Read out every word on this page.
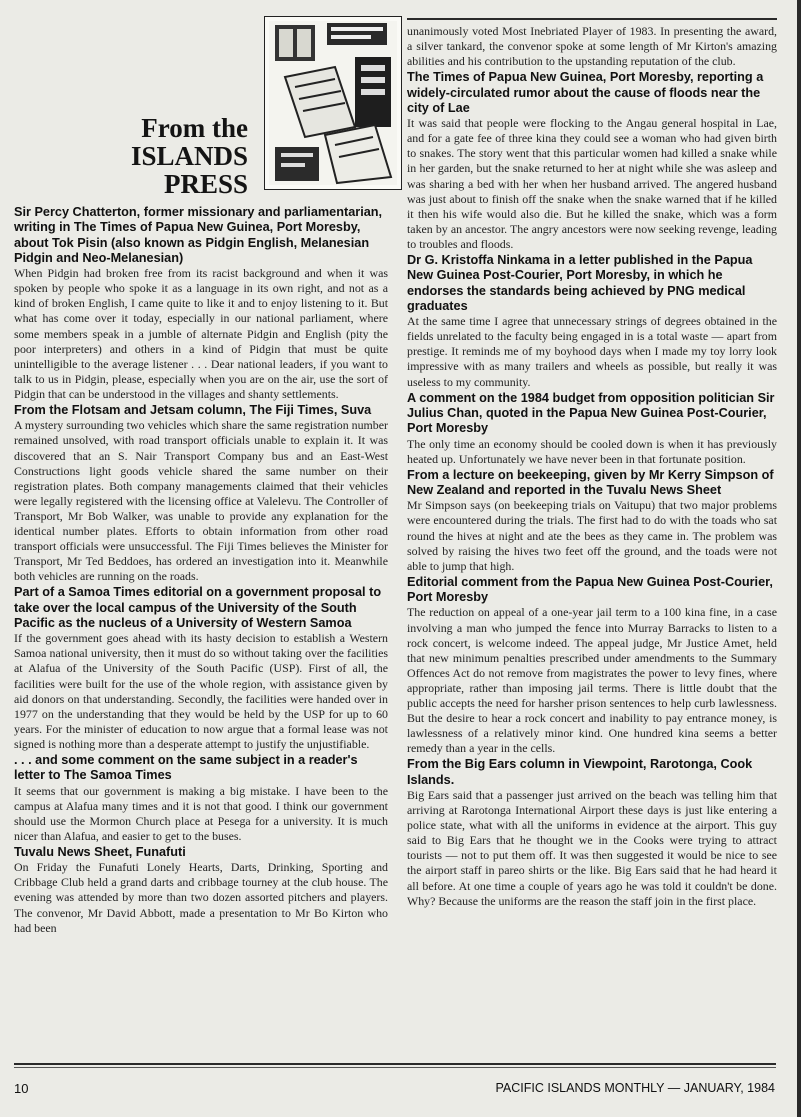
From the
ISLANDS
PRESS

Sir Percy Chatterton, former missionary and parliamentarian, writing in The Times of Papua New Guinea, Port Moresby, about Tok Pisin (also known as Pidgin English, Melanesian Pidgin and Neo-Melanesian)

When Pidgin had broken free from its racist background and when it was spoken by people who spoke it as a language in its own right, and not as a kind of broken English, I came quite to like it and to enjoy listening to it. But what has come over it today, especially in our national parliament, where some members speak in a jumble of alternate Pidgin and English (pity the poor interpreters) and others in a kind of Pidgin that must be quite unintelligible to the average listener . . . Dear national leaders, if you want to talk to us in Pidgin, please, especially when you are on the air, use the sort of Pidgin that can be understood in the villages and shanty settlements.

From the Flotsam and Jetsam column, The Fiji Times, Suva

A mystery surrounding two vehicles which share the same registration number remained unsolved, with road transport officials unable to explain it. It was discovered that an S. Nair Transport Company bus and an East-West Constructions light goods vehicle shared the same number on their registration plates. Both company managements claimed that their vehicles were legally registered with the licensing office at Valelevu. The Controller of Transport, Mr Bob Walker, was unable to provide any explanation for the identical number plates. Efforts to obtain information from other road transport officials were unsuccessful. The Fiji Times believes the Minister for Transport, Mr Ted Beddoes, has ordered an investigation into it. Meanwhile both vehicles are running on the roads.

Part of a Samoa Times editorial on a government proposal to take over the local campus of the University of the South Pacific as the nucleus of a University of Western Samoa

If the government goes ahead with its hasty decision to establish a Western Samoa national university, then it must do so without taking over the facilities at Alafua of the University of the South Pacific (USP). First of all, the facilities were built for the use of the whole region, with assistance given by aid donors on that understanding. Secondly, the facilities were handed over in 1977 on the understanding that they would be held by the USP for up to 60 years. For the minister of education to now argue that a formal lease was not signed is nothing more than a desperate attempt to justify the unjustifiable.

. . . and some comment on the same subject in a reader's letter to The Samoa Times

It seems that our government is making a big mistake. I have been to the campus at Alafua many times and it is not that good. I think our government should use the Mormon Church place at Pesega for a university. It is much nicer than Alafua, and easier to get to the buses.

Tuvalu News Sheet, Funafuti

On Friday the Funafuti Lonely Hearts, Darts, Drinking, Sporting and Cribbage Club held a grand darts and cribbage tourney at the club house. The evening was attended by more than two dozen assorted pitchers and players. The convenor, Mr David Abbott, made a presentation to Mr Bo Kirton who had been

unanimously voted Most Inebriated Player of 1983. In presenting the award, a silver tankard, the convenor spoke at some length of Mr Kirton's amazing abilities and his contribution to the upstanding reputation of the club.

The Times of Papua New Guinea, Port Moresby, reporting a widely-circulated rumor about the cause of floods near the city of Lae

It was said that people were flocking to the Angau general hospital in Lae, and for a gate fee of three kina they could see a woman who had given birth to snakes. The story went that this particular women had killed a snake while in her garden, but the snake returned to her at night while she was asleep and was sharing a bed with her when her husband arrived. The angered husband was just about to finish off the snake when the snake warned that if he killed it then his wife would also die. But he killed the snake, which was a form taken by an ancestor. The angry ancestors were now seeking revenge, leading to troubles and floods.

Dr G. Kristoffa Ninkama in a letter published in the Papua New Guinea Post-Courier, Port Moresby, in which he endorses the standards being achieved by PNG medical graduates

At the same time I agree that unnecessary strings of degrees obtained in the fields unrelated to the faculty being engaged in is a total waste — apart from prestige. It reminds me of my boyhood days when I made my toy lorry look impressive with as many trailers and wheels as possible, but really it was useless to my community.

A comment on the 1984 budget from opposition politician Sir Julius Chan, quoted in the Papua New Guinea Post-Courier, Port Moresby

The only time an economy should be cooled down is when it has previously heated up. Unfortunately we have never been in that fortunate position.

From a lecture on beekeeping, given by Mr Kerry Simpson of New Zealand and reported in the Tuvalu News Sheet

Mr Simpson says (on beekeeping trials on Vaitupu) that two major problems were encountered during the trials. The first had to do with the toads who sat round the hives at night and ate the bees as they came in. The problem was solved by raising the hives two feet off the ground, and the toads were not able to jump that high.

Editorial comment from the Papua New Guinea Post-Courier, Port Moresby

The reduction on appeal of a one-year jail term to a 100 kina fine, in a case involving a man who jumped the fence into Murray Barracks to listen to a rock concert, is welcome indeed. The appeal judge, Mr Justice Amet, held that new minimum penalties prescribed under amendments to the Summary Offences Act do not remove from magistrates the power to levy fines, where appropriate, rather than imposing jail terms. There is little doubt that the public accepts the need for harsher prison sentences to help curb lawlessness. But the desire to hear a rock concert and inability to pay entrance money, is lawlessness of a relatively minor kind. One hundred kina seems a better remedy than a year in the cells.

From the Big Ears column in Viewpoint, Rarotonga, Cook Islands.

Big Ears said that a passenger just arrived on the beach was telling him that arriving at Rarotonga International Airport these days is just like entering a police state, what with all the uniforms in evidence at the airport. This guy said to Big Ears that he thought we in the Cooks were trying to attract tourists — not to put them off. It was then suggested it would be nice to see the airport staff in pareo shirts or the like. Big Ears said that he had heard it all before. At one time a couple of years ago he was told it couldn't be done. Why? Because the uniforms are the reason the staff join in the first place.

10	PACIFIC ISLANDS MONTHLY — JANUARY, 1984
